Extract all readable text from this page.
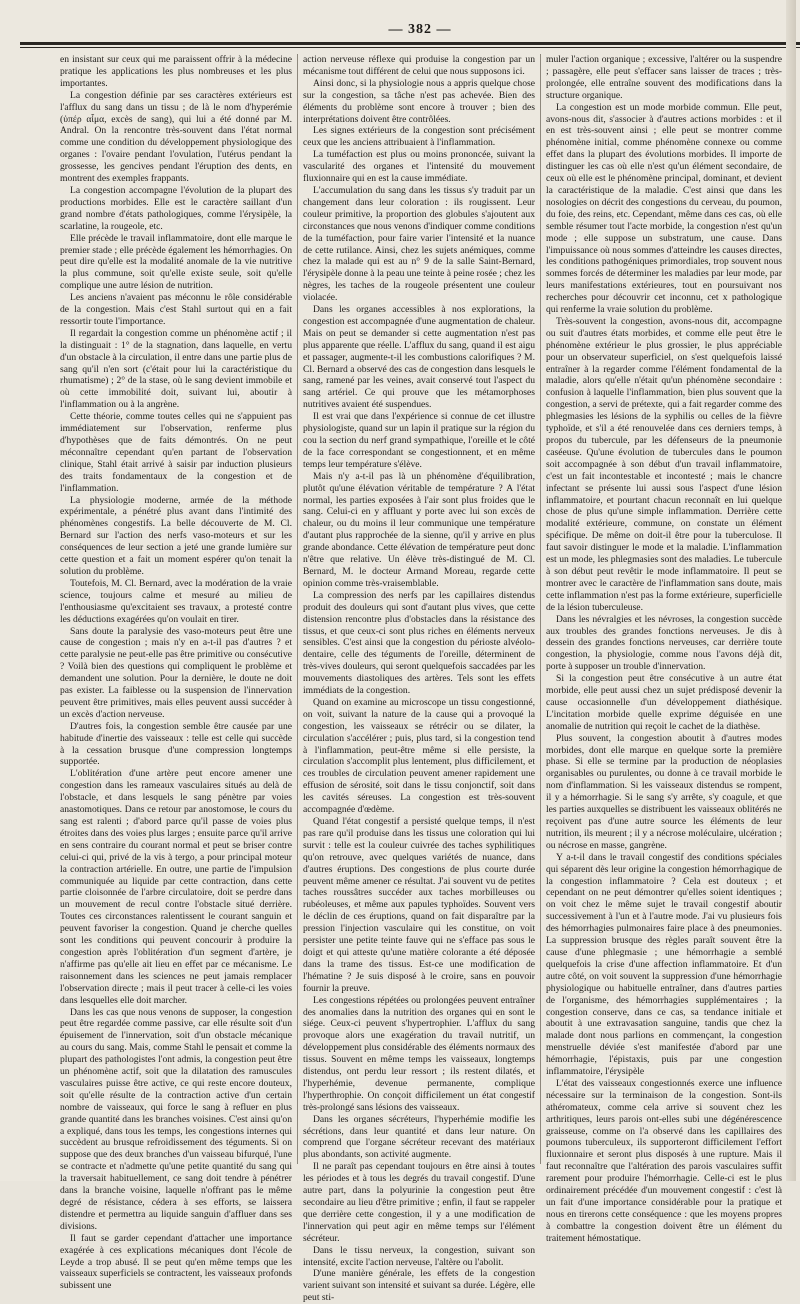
— 382 —

en insistant sur ceux qui me paraissent offrir à la médecine pratique les applications les plus nombreuses et les plus importantes.

La congestion définie par ses caractères extérieurs est l'afflux du sang dans un tissu ; de là le nom d'hyperémie (ὑπέρ αἷμα, excès de sang), qui lui a été donné par M. Andral. On la rencontre très-souvent dans l'état normal comme une condition du développement physiologique des organes : l'ovaire pendant l'ovulation, l'utérus pendant la grossesse, les gencives pendant l'éruption des dents, en montrent des exemples frappants.

La congestion accompagne l'évolution de la plupart des productions morbides. Elle est le caractère saillant d'un grand nombre d'états pathologiques, comme l'érysipèle, la scarlatine, la rougeole, etc.

Elle précède le travail inflammatoire, dont elle marque le premier stade ; elle précède également les hémorrhagies. On peut dire qu'elle est la modalité anomale de la vie nutritive la plus commune, soit qu'elle existe seule, soit qu'elle complique une autre lésion de nutrition.

Les anciens n'avaient pas méconnu le rôle considérable de la congestion. Mais c'est Stahl surtout qui en a fait ressortir toute l'importance.

Il regardait la congestion comme un phénomène actif ; il la distinguait : 1° de la stagnation, dans laquelle, en vertu d'un obstacle à la circulation, il entre dans une partie plus de sang qu'il n'en sort (c'était pour lui la caractéristique du rhumatisme) ; 2° de la stase, où le sang devient immobile et où cette immobilité doit, suivant lui, aboutir à l'inflammation ou à la angrène.

Cette théorie, comme toutes celles qui ne s'appuient pas immédiatement sur l'observation, renferme plus d'hypothèses que de faits démontrés. On ne peut méconnaître cependant qu'en partant de l'observation clinique, Stahl était arrivé à saisir par induction plusieurs des traits fondamentaux de la congestion et de l'inflammation.

La physiologie moderne, armée de la méthode expérimentale, a pénétré plus avant dans l'intimité des phénomènes congestifs. La belle découverte de M. Cl. Bernard sur l'action des nerfs vaso-moteurs et sur les conséquences de leur section a jeté une grande lumière sur cette question et a fait un moment espérer qu'on tenait la solution du problème.

Toutefois, M. Cl. Bernard, avec la modération de la vraie science, toujours calme et mesuré au milieu de l'enthousiasme qu'excitaient ses travaux, a protesté contre les déductions exagérées qu'on voulait en tirer.

Sans doute la paralysie des vaso-moteurs peut être une cause de congestion ; mais n'y en a-t-il pas d'autres ? et cette paralysie ne peut-elle pas être primitive ou consécutive ? Voilà bien des questions qui compliquent le problème et demandent une solution. Pour la dernière, le doute ne doit pas exister. La faiblesse ou la suspension de l'innervation peuvent être primitives, mais elles peuvent aussi succéder à un excès d'action nerveuse.

D'autres fois, la congestion semble être causée par une habitude d'inertie des vaisseaux : telle est celle qui succède à la cessation brusque d'une compression longtemps supportée.

L'oblitération d'une artère peut encore amener une congestion dans les rameaux vasculaires situés au delà de l'obstacle, et dans lesquels le sang pénètre par voies anastomotiques. Dans ce retour par anostomose, le cours du sang est ralenti ; d'abord parce qu'il passe de voies plus étroites dans des voies plus larges ; ensuite parce qu'il arrive en sens contraire du courant normal et peut se briser contre celui-ci qui, privé de la vis à tergo, a pour principal moteur la contraction artérielle. En outre, une partie de l'impulsion communiquée au liquide par cette contraction, dans cette partie cloisonnée de l'arbre circulatoire, doit se perdre dans un mouvement de recul contre l'obstacle situé derrière. Toutes ces circonstances ralentissent le courant sanguin et peuvent favoriser la congestion. Quand je cherche quelles sont les conditions qui peuvent concourir à produire la congestion après l'oblitération d'un segment d'artère, je n'affirme pas qu'elle ait lieu en effet par ce mécanisme. Le raisonnement dans les sciences ne peut jamais remplacer l'observation directe ; mais il peut tracer à celle-ci les voies dans lesquelles elle doit marcher.

Dans les cas que nous venons de supposer, la congestion peut être regardée comme passive, car elle résulte soit d'un épuisement de l'innervation, soit d'un obstacle mécanique au cours du sang. Mais, comme Stahl le pensait et comme la plupart des pathologistes l'ont admis, la congestion peut être un phénomène actif, soit que la dilatation des ramuscules vasculaires puisse être active, ce qui reste encore douteux, soit qu'elle résulte de la contraction active d'un certain nombre de vaisseaux, qui force le sang à refluer en plus grande quantité dans les branches voisines. C'est ainsi qu'on a expliqué, dans tous les temps, les congestions internes qui succèdent au brusque refroidissement des téguments. Si on suppose que des deux branches d'un vaisseau bifurqué, l'une se contracte et n'admette qu'une petite quantité du sang qui la traversait habituellement, ce sang doit tendre à pénétrer dans la branche voisine, laquelle n'offrant pas le même degré de résistance, cédera à ses efforts, se laissera distendre et permettra au liquide sanguin d'affluer dans ses divisions.

Il faut se garder cependant d'attacher une importance exagérée à ces explications mécaniques dont l'école de Leyde a trop abusé. Il se peut qu'en même temps que les vaisseaux superficiels se contractent, les vaisseaux profonds subissent une

action nerveuse réflexe qui produise la congestion par un mécanisme tout différent de celui que nous supposons ici.

Ainsi donc, si la physiologie nous a appris quelque chose sur la congestion, sa tâche n'est pas achevée. Bien des éléments du problème sont encore à trouver ; bien des interprétations doivent être contrôlées.

Les signes extérieurs de la congestion sont précisément ceux que les anciens attribuaient à l'inflammation.

La tuméfaction est plus ou moins prononcée, suivant la vascularité des organes et l'intensité du mouvement fluxionnaire qui en est la cause immédiate.

L'accumulation du sang dans les tissus s'y traduit par un changement dans leur coloration : ils rougissent. Leur couleur primitive, la proportion des globules s'ajoutent aux circonstances que nous venons d'indiquer comme conditions de la tuméfaction, pour faire varier l'intensité et la nuance de cette rutilance. Ainsi, chez les sujets anémiques, comme chez la malade qui est au n° 9 de la salle Saint-Bernard, l'érysipèle donne à la peau une teinte à peine rosée ; chez les nègres, les taches de la rougeole présentent une couleur violacée.

Dans les organes accessibles à nos explorations, la congestion est accompagnée d'une augmentation de chaleur. Mais on peut se demander si cette augmentation n'est pas plus apparente que réelle. L'afflux du sang, quand il est aigu et passager, augmente-t-il les combustions calorifiques ? M. Cl. Bernard a observé des cas de congestion dans lesquels le sang, ramené par les veines, avait conservé tout l'aspect du sang artériel. Ce qui prouve que les métamorphoses nutritives avaient été suspendues.

Il est vrai que dans l'expérience si connue de cet illustre physiologiste, quand sur un lapin il pratique sur la région du cou la section du nerf grand sympathique, l'oreille et le côté de la face correspondant se congestionnent, et en même temps leur température s'élève.

Mais n'y a-t-il pas là un phénomène d'équilibration, plutôt qu'une élévation véritable de température ? A l'état normal, les parties exposées à l'air sont plus froides que le sang. Celui-ci en y affluant y porte avec lui son excès de chaleur, ou du moins il leur communique une température d'autant plus rapprochée de la sienne, qu'il y arrive en plus grande abondance. Cette élévation de température peut donc n'être que relative. Un élève très-distingué de M. Cl. Bernard, M. le docteur Armand Moreau, regarde cette opinion comme très-vraisemblable.

La compression des nerfs par les capillaires distendus produit des douleurs qui sont d'autant plus vives, que cette distension rencontre plus d'obstacles dans la résistance des tissus, et que ceux-ci sont plus riches en éléments nerveux sensibles. C'est ainsi que la congestion du périoste alvéolo-dentaire, celle des téguments de l'oreille, déterminent de très-vives douleurs, qui seront quelquefois saccadées par les mouvements diastoliques des artères. Tels sont les effets immédiats de la congestion.

Quand on examine au microscope un tissu congestionné, on voit, suivant la nature de la cause qui a provoqué la congestion, les vaisseaux se rétrécir ou se dilater, la circulation s'accélérer ; puis, plus tard, si la congestion tend à l'inflammation, peut-être même si elle persiste, la circulation s'accomplit plus lentement, plus difficilement, et ces troubles de circulation peuvent amener rapidement une effusion de sérosité, soit dans le tissu conjonctif, soit dans les cavités séreuses. La congestion est très-souvent accompagnée d'œdème.

Quand l'état congestif a persisté quelque temps, il n'est pas rare qu'il produise dans les tissus une coloration qui lui survit : telle est la couleur cuivrée des taches syphilitiques qu'on retrouve, avec quelques variétés de nuance, dans d'autres éruptions. Des congestions de plus courte durée peuvent même amener ce résultat. J'ai souvent vu de petites taches roussâtres succéder aux taches morbilleuses ou rubéoleuses, et même aux papules typhoïdes. Souvent vers le déclin de ces éruptions, quand on fait disparaître par la pression l'injection vasculaire qui les constitue, on voit persister une petite teinte fauve qui ne s'efface pas sous le doigt et qui atteste qu'une matière colorante a été déposée dans la trame des tissus. Est-ce une modification de l'hématine ? Je suis disposé à le croire, sans en pouvoir fournir la preuve.

Les congestions répétées ou prolongées peuvent entraîner des anomalies dans la nutrition des organes qui en sont le siége. Ceux-ci peuvent s'hypertrophier. L'afflux du sang provoque alors une exagération du travail nutritif, un développement plus considérable des éléments normaux des tissus. Souvent en même temps les vaisseaux, longtemps distendus, ont perdu leur ressort ; ils restent dilatés, et l'hyperhémie, devenue permanente, complique l'hyperthrophie. On conçoit difficilement un état congestif très-prolongé sans lésions des vaisseaux.

Dans les organes sécréteurs, l'hyperhémie modifie les sécrétions, dans leur quantité et dans leur nature. On comprend que l'organe sécréteur recevant des matériaux plus abondants, son activité augmente.

Il ne paraît pas cependant toujours en être ainsi à toutes les périodes et à tous les degrés du travail congestif. D'une autre part, dans la polyurinie la congestion peut être secondaire au lieu d'être primitive ; enfin, il faut se rappeler que derrière cette congestion, il y a une modification de l'innervation qui peut agir en même temps sur l'élément sécréteur.

Dans le tissu nerveux, la congestion, suivant son intensité, excite l'action nerveuse, l'altère ou l'abolit.

D'une manière générale, les effets de la congestion varient suivant son intensité et suivant sa durée. Légère, elle peut sti-

muler l'action organique ; excessive, l'altérer ou la suspendre ; passagère, elle peut s'effacer sans laisser de traces ; très-prolongée, elle entraîne souvent des modifications dans la structure organique.

La congestion est un mode morbide commun. Elle peut, avons-nous dit, s'associer à d'autres actions morbides : et il en est très-souvent ainsi ; elle peut se montrer comme phénomène initial, comme phénomène connexe ou comme effet dans la plupart des évolutions morbides. Il importe de distinguer les cas où elle n'est qu'un élément secondaire, de ceux où elle est le phénomène principal, dominant, et devient la caractéristique de la maladie. C'est ainsi que dans les nosologies on décrit des congestions du cerveau, du poumon, du foie, des reins, etc. Cependant, même dans ces cas, où elle semble résumer tout l'acte morbide, la congestion n'est qu'un mode ; elle suppose un substratum, une cause. Dans l'impuissance où nous sommes d'atteindre les causes directes, les conditions pathogéniques primordiales, trop souvent nous sommes forcés de déterminer les maladies par leur mode, par leurs manifestations extérieures, tout en poursuivant nos recherches pour découvrir cet inconnu, cet x pathologique qui renferme la vraie solution du problème.

Très-souvent la congestion, avons-nous dit, accompagne ou suit d'autres états morbides, et comme elle peut être le phénomène extérieur le plus grossier, le plus appréciable pour un observateur superficiel, on s'est quelquefois laissé entraîner à la regarder comme l'élément fondamental de la maladie, alors qu'elle n'était qu'un phénomène secondaire : confusion à laquelle l'inflammation, bien plus souvent que la congestion, a servi de prétexte, qui a fait regarder comme des phlegmasies les lésions de la syphilis ou celles de la fièvre typhoïde, et s'il a été renouvelée dans ces derniers temps, à propos du tubercule, par les défenseurs de la pneumonie caséeuse. Qu'une évolution de tubercules dans le poumon soit accompagnée à son début d'un travail inflammatoire, c'est un fait incontestable et incontesté ; mais le chancre infectant se présente lui aussi sous l'aspect d'une lésion inflammatoire, et pourtant chacun reconnaît en lui quelque chose de plus qu'une simple inflammation. Derrière cette modalité extérieure, commune, on constate un élément spécifique. De même on doit-il être pour la tuberculose. Il faut savoir distinguer le mode et la maladie. L'inflammation est un mode, les phlegmasies sont des maladies. Le tubercule à son début peut revêtir le mode inflammatoire. Il peut se montrer avec le caractère de l'inflammation sans doute, mais cette inflammation n'est pas la forme extérieure, superficielle de la lésion tuberculeuse.

Dans les névralgies et les névroses, la congestion succède aux troubles des grandes fonctions nerveuses. Je dis à dessein des grandes fonctions nerveuses, car derrière toute congestion, la physiologie, comme nous l'avons déjà dit, porte à supposer un trouble d'innervation.

Si la congestion peut être consécutive à un autre état morbide, elle peut aussi chez un sujet prédisposé devenir la cause occasionnelle d'un développement diathésique. L'incitation morbide quelle exprime déguisée en une anomalie de nutrition qui reçoit le cachet de la diathèse.

Plus souvent, la congestion aboutit à d'autres modes morbides, dont elle marque en quelque sorte la première phase. Si elle se termine par la production de néoplasies organisables ou purulentes, ou donne à ce travail morbide le nom d'inflammation. Si les vaisseaux distendus se rompent, il y a hémorrhagie. Si le sang s'y arrête, s'y coagule, et que les parties auxquelles se distribuent les vaisseaux oblitérés ne reçoivent pas d'une autre source les éléments de leur nutrition, ils meurent ; il y a nécrose moléculaire, ulcération ; ou nécrose en masse, gangrène.

Y a-t-il dans le travail congestif des conditions spéciales qui séparent dès leur origine la congestion hémorrhagique de la congestion inflammatoire ? Cela est douteux ; et cependant on ne peut démontrer qu'elles soient identiques ; on voit chez le même sujet le travail congestif aboutir successivement à l'un et à l'autre mode. J'ai vu plusieurs fois des hémorrhagies pulmonaires faire place à des pneumonies. La suppression brusque des règles paraît souvent être la cause d'une phlegmasie ; une hémorrhagie a semblé quelquefois la crise d'une affection inflammatoire. Et d'un autre côté, on voit souvent la suppression d'une hémorrhagie physiologique ou habituelle entraîner, dans d'autres parties de l'organisme, des hémorrhagies supplémentaires ; la congestion conserve, dans ce cas, sa tendance initiale et aboutit à une extravasation sanguine, tandis que chez la malade dont nous parlions en commençant, la congestion menstruelle déviée s'est manifestée d'abord par une hémorrhagie, l'épistaxis, puis par une congestion inflammatoire, l'érysipèle

L'état des vaisseaux congestionnés exerce une influence nécessaire sur la terminaison de la congestion. Sont-ils athéromateux, comme cela arrive si souvent chez les arthritiques, leurs parois ont-elles subi une dégénérescence graisseuse, comme on l'a observé dans les capillaires des poumons tuberculeux, ils supporteront difficilement l'effort fluxionnaire et seront plus disposés à une rupture. Mais il faut reconnaître que l'altération des parois vasculaires suffit rarement pour produire l'hémorrhagie. Celle-ci est le plus ordinairement précédée d'un mouvement congestif : c'est là un fait d'une importance considérable pour la pratique et nous en tirerons cette conséquence : que les moyens propres à combattre la congestion doivent être un élément du traitement hémostatique.
